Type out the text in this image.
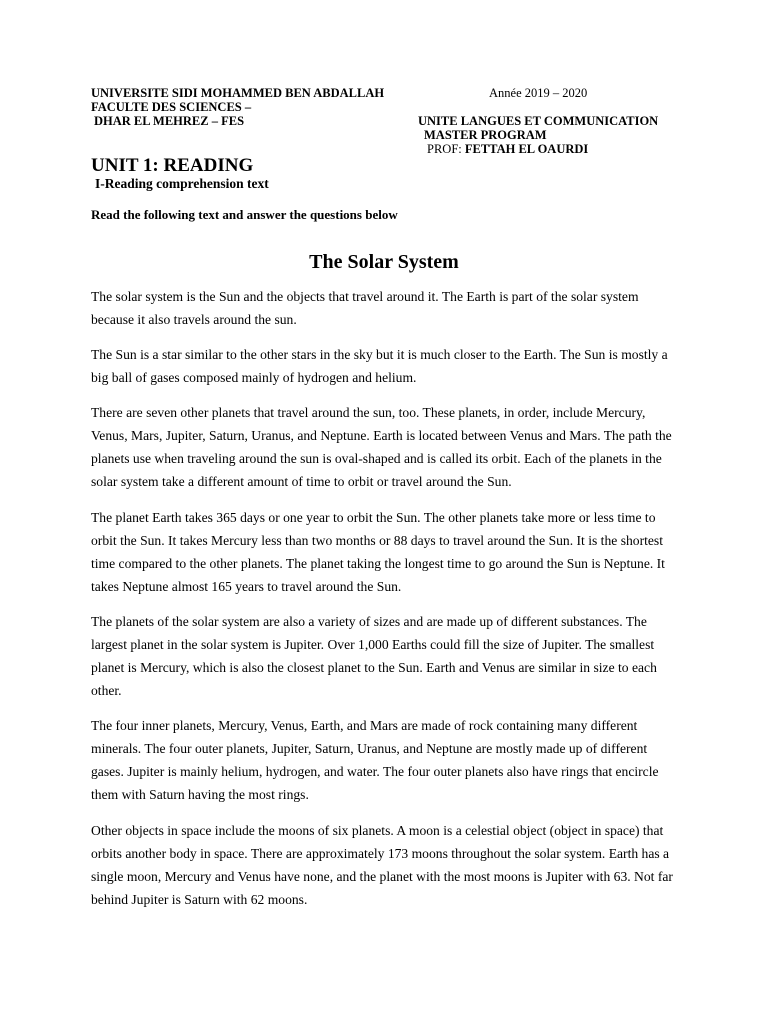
UNIVERSITE SIDI MOHAMMED BEN ABDALLAH
FACULTE DES SCIENCES –
DHAR EL MEHREZ – FES
Année 2019 – 2020
UNITE LANGUES ET COMMUNICATION
MASTER PROGRAM
PROF: FETTAH EL OAURDI
UNIT 1: READING
I-Reading comprehension text
Read the following text and answer the questions below
The Solar System

The solar system is the Sun and the objects that travel around it. The Earth is part of the solar system because it also travels around the sun.

The Sun is a star similar to the other stars in the sky but it is much closer to the Earth. The Sun is mostly a big ball of gases composed mainly of hydrogen and helium.

There are seven other planets that travel around the sun, too. These planets, in order, include Mercury, Venus, Mars, Jupiter, Saturn, Uranus, and Neptune. Earth is located between Venus and Mars. The path the planets use when traveling around the sun is oval-shaped and is called its orbit. Each of the planets in the solar system take a different amount of time to orbit or travel around the Sun.

The planet Earth takes 365 days or one year to orbit the Sun. The other planets take more or less time to orbit the Sun. It takes Mercury less than two months or 88 days to travel around the Sun. It is the shortest time compared to the other planets. The planet taking the longest time to go around the Sun is Neptune. It takes Neptune almost 165 years to travel around the Sun.

The planets of the solar system are also a variety of sizes and are made up of different substances. The largest planet in the solar system is Jupiter. Over 1,000 Earths could fill the size of Jupiter. The smallest planet is Mercury, which is also the closest planet to the Sun. Earth and Venus are similar in size to each other.

The four inner planets, Mercury, Venus, Earth, and Mars are made of rock containing many different minerals. The four outer planets, Jupiter, Saturn, Uranus, and Neptune are mostly made up of different gases. Jupiter is mainly helium, hydrogen, and water. The four outer planets also have rings that encircle them with Saturn having the most rings.

Other objects in space include the moons of six planets. A moon is a celestial object (object in space) that orbits another body in space. There are approximately 173 moons throughout the solar system. Earth has a single moon, Mercury and Venus have none, and the planet with the most moons is Jupiter with 63. Not far behind Jupiter is Saturn with 62 moons.
